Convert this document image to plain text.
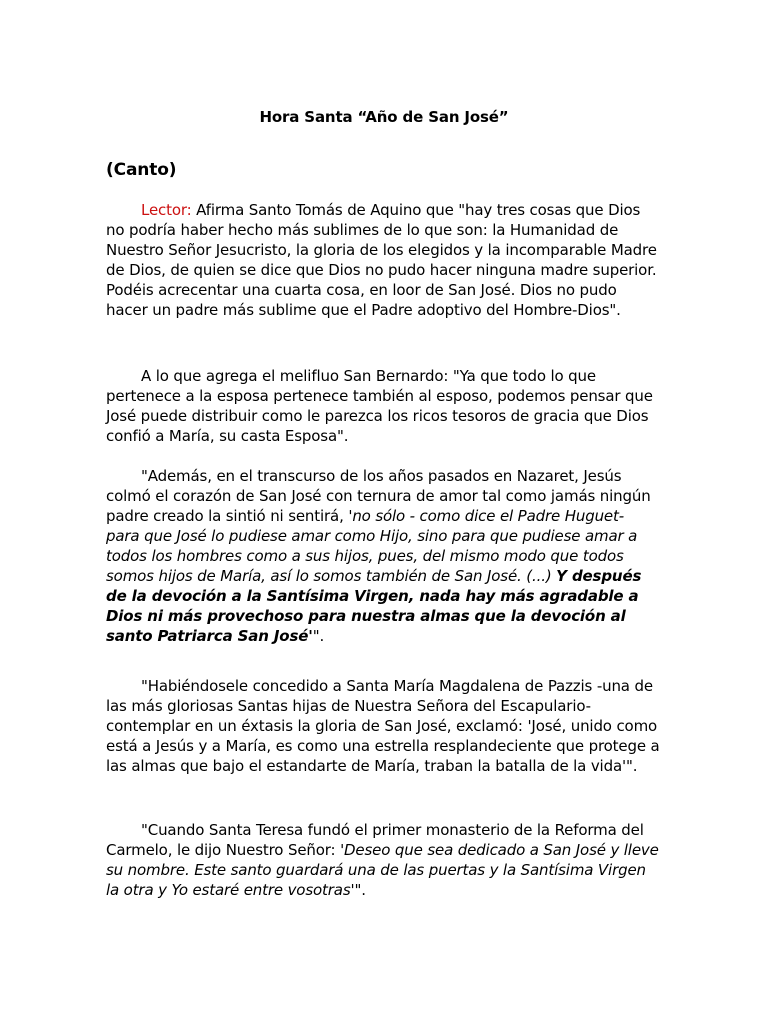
Hora Santa “Año de San José”
(Canto)

Lector: Afirma Santo Tomás de Aquino que "hay tres cosas que Dios no podría haber hecho más sublimes de lo que son: la Humanidad de Nuestro Señor Jesucristo, la gloria de los elegidos y la incomparable Madre de Dios, de quien se dice que Dios no pudo hacer ninguna madre superior. Podéis acrecentar una cuarta cosa, en loor de San José. Dios no pudo hacer un padre más sublime que el Padre adoptivo del Hombre-Dios".

A lo que agrega el melifluo San Bernardo: "Ya que todo lo que pertenece a la esposa pertenece también al esposo, podemos pensar que José puede distribuir como le parezca los ricos tesoros de gracia que Dios confió a María, su casta Esposa".

"Además, en el transcurso de los años pasados en Nazaret, Jesús colmó el corazón de San José con ternura de amor tal como jamás ningún padre creado la sintió ni sentirá, 'no sólo - como dice el Padre Huguet- para que José lo pudiese amar como Hijo, sino para que pudiese amar a todos los hombres como a sus hijos, pues, del mismo modo que todos somos hijos de María, así lo somos también de San José. (...) Y después de la devoción a la Santísima Virgen, nada hay más agradable a Dios ni más provechoso para nuestra almas que la devoción al santo Patriarca San José'".

"Habiéndosele concedido a Santa María Magdalena de Pazzis -una de las más gloriosas Santas hijas de Nuestra Señora del Escapulario- contemplar en un éxtasis la gloria de San José, exclamó: 'José, unido como está a Jesús y a María, es como una estrella resplandeciente que protege a las almas que bajo el estandarte de María, traban la batalla de la vida'".

"Cuando Santa Teresa fundó el primer monasterio de la Reforma del Carmelo, le dijo Nuestro Señor: 'Deseo que sea dedicado a San José y lleve su nombre. Este santo guardará una de las puertas y la Santísima Virgen la otra y Yo estaré entre vosotras'".
